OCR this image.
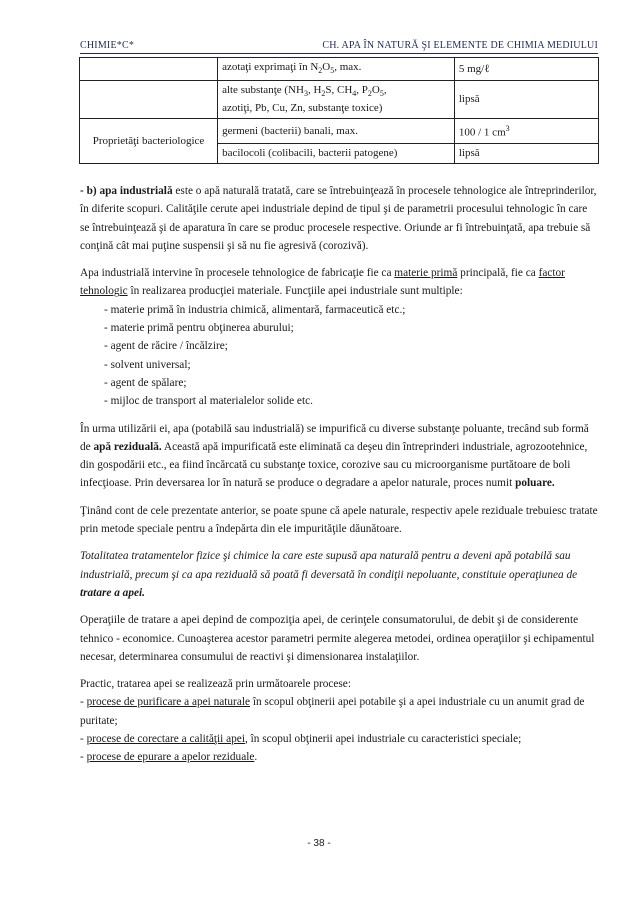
CHIMIE*C*	CH. APA ÎN NATURĂ ŞI ELEMENTE DE CHIMIA MEDIULUI
	azotaţi exprimaţi în $N_2O_5$, max.	5 mg/ℓ
	alte substanţe ($NH_3$, $H_2S$, $CH_4$, $P_2O_5$,
azotiţi, Pb, Cu, Zn, substanţe toxice)	lipsă
Proprietăţi bacteriologice	germeni (bacterii) banali, max.	100 / 1 $cm^3$
	bacilocoli (colibacili, bacterii patogene)	lipsă

- b) apa industrială este o apă naturală tratată, care se întrebuinţează în procesele tehnologice ale întreprinderilor, în diferite scopuri. Calităţile cerute apei industriale depind de tipul şi de parametrii procesului tehnologic în care se întrebuinţează şi de aparatura în care se produc procesele respective. Oriunde ar fi întrebuinţată, apa trebuie să conţină cât mai puţine suspensii şi să nu fie agresivă (corozivă).

Apa industrială intervine în procesele tehnologice de fabricaţie fie ca materie primă principală, fie ca factor tehnologic în realizarea producţiei materiale. Funcţiile apei industriale sunt multiple:

- materie primă în industria chimică, alimentară, farmaceutică etc.;
- materie primă pentru obţinerea aburului;
- agent de răcire / încălzire;
- solvent universal;
- agent de spălare;
- mijloc de transport al materialelor solide etc.

În urma utilizării ei, apa (potabilă sau industrială) se impurifică cu diverse substanţe poluante, trecând sub formă de apă reziduală. Această apă impurificată este eliminată ca deşeu din întreprinderi industriale, agrozootehnice, din gospodării etc., ea fiind încărcată cu substanţe toxice, corozive sau cu microorganisme purtătoare de boli infecţioase. Prin deversarea lor în natură se produce o degradare a apelor naturale, proces numit poluare.

Ţinând cont de cele prezentate anterior, se poate spune că apele naturale, respectiv apele reziduale trebuiesc tratate prin metode speciale pentru a îndepărta din ele impurităţile dăunătoare.

Totalitatea tratamentelor fizice şi chimice la care este supusă apa naturală pentru a deveni apă potabilă sau industrială, precum şi ca apa reziduală să poată fi deversată în condiţii nepoluante, constituie operaţiunea de tratare a apei.

Operaţiile de tratare a apei depind de compoziţia apei, de cerinţele consumatorului, de debit şi de considerente tehnico - economice. Cunoaşterea acestor parametri permite alegerea metodei, ordinea operaţiilor şi echipamentul necesar, determinarea consumului de reactivi şi dimensionarea instalaţiilor.

Practic, tratarea apei se realizează prin următoarele procese:
- procese de purificare a apei naturale în scopul obţinerii apei potabile şi a apei industriale cu un anumit grad de puritate;
- procese de corectare a calităţii apei, în scopul obţinerii apei industriale cu caracteristici speciale;
- procese de epurare a apelor reziduale.

- 38 -
